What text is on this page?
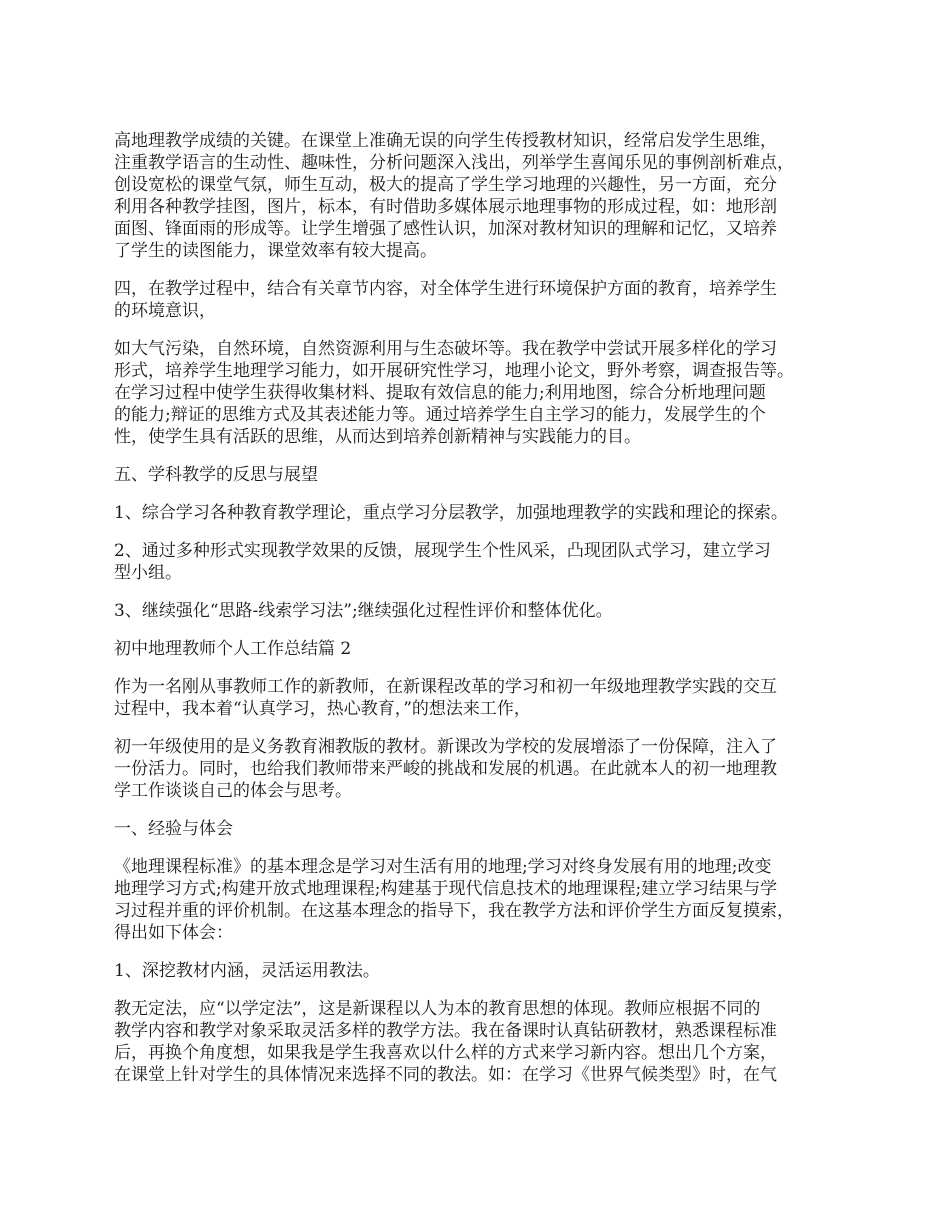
高地理教学成绩的关键。在课堂上准确无误的向学生传授教材知识，经常启发学生思维，
注重教学语言的生动性、趣味性，分析问题深入浅出，列举学生喜闻乐见的事例剖析难点，
创设宽松的课堂气氛，师生互动，极大的提高了学生学习地理的兴趣性，另一方面，充分
利用各种教学挂图，图片，标本，有时借助多媒体展示地理事物的形成过程，如：地形剖
面图、锋面雨的形成等。让学生增强了感性认识，加深对教材知识的理解和记忆，又培养
了学生的读图能力，课堂效率有较大提高。

四，在教学过程中，结合有关章节内容，对全体学生进行环境保护方面的教育，培养学生
的环境意识，

如大气污染，自然环境，自然资源利用与生态破坏等。我在教学中尝试开展多样化的学习
形式，培养学生地理学习能力，如开展研究性学习，地理小论文，野外考察，调查报告等。
在学习过程中使学生获得收集材料、提取有效信息的能力;利用地图，综合分析地理问题
的能力;辩证的思维方式及其表述能力等。通过培养学生自主学习的能力，发展学生的个
性，使学生具有活跃的思维，从而达到培养创新精神与实践能力的目。

五、学科教学的反思与展望

1、综合学习各种教育教学理论，重点学习分层教学，加强地理教学的实践和理论的探索。

2、通过多种形式实现教学效果的反馈，展现学生个性风采，凸现团队式学习，建立学习
型小组。

3、继续强化“思路-线索学习法”;继续强化过程性评价和整体优化。

初中地理教师个人工作总结篇 2

作为一名刚从事教师工作的新教师，在新课程改革的学习和初一年级地理教学实践的交互
过程中，我本着“认真学习，热心教育，”的想法来工作，

初一年级使用的是义务教育湘教版的教材。新课改为学校的发展增添了一份保障，注入了
一份活力。同时，也给我们教师带来严峻的挑战和发展的机遇。在此就本人的初一地理教
学工作谈谈自己的体会与思考。

一、经验与体会

《地理课程标准》的基本理念是学习对生活有用的地理;学习对终身发展有用的地理;改变
地理学习方式;构建开放式地理课程;构建基于现代信息技术的地理课程;建立学习结果与学
习过程并重的评价机制。在这基本理念的指导下，我在教学方法和评价学生方面反复摸索，
得出如下体会：

1、深挖教材内涵，灵活运用教法。

教无定法，应“以学定法”，这是新课程以人为本的教育思想的体现。教师应根据不同的
教学内容和教学对象采取灵活多样的教学方法。我在备课时认真钻研教材，熟悉课程标准
后，再换个角度想，如果我是学生我喜欢以什么样的方式来学习新内容。想出几个方案，
在课堂上针对学生的具体情况来选择不同的教法。如：在学习《世界气候类型》时，在气
